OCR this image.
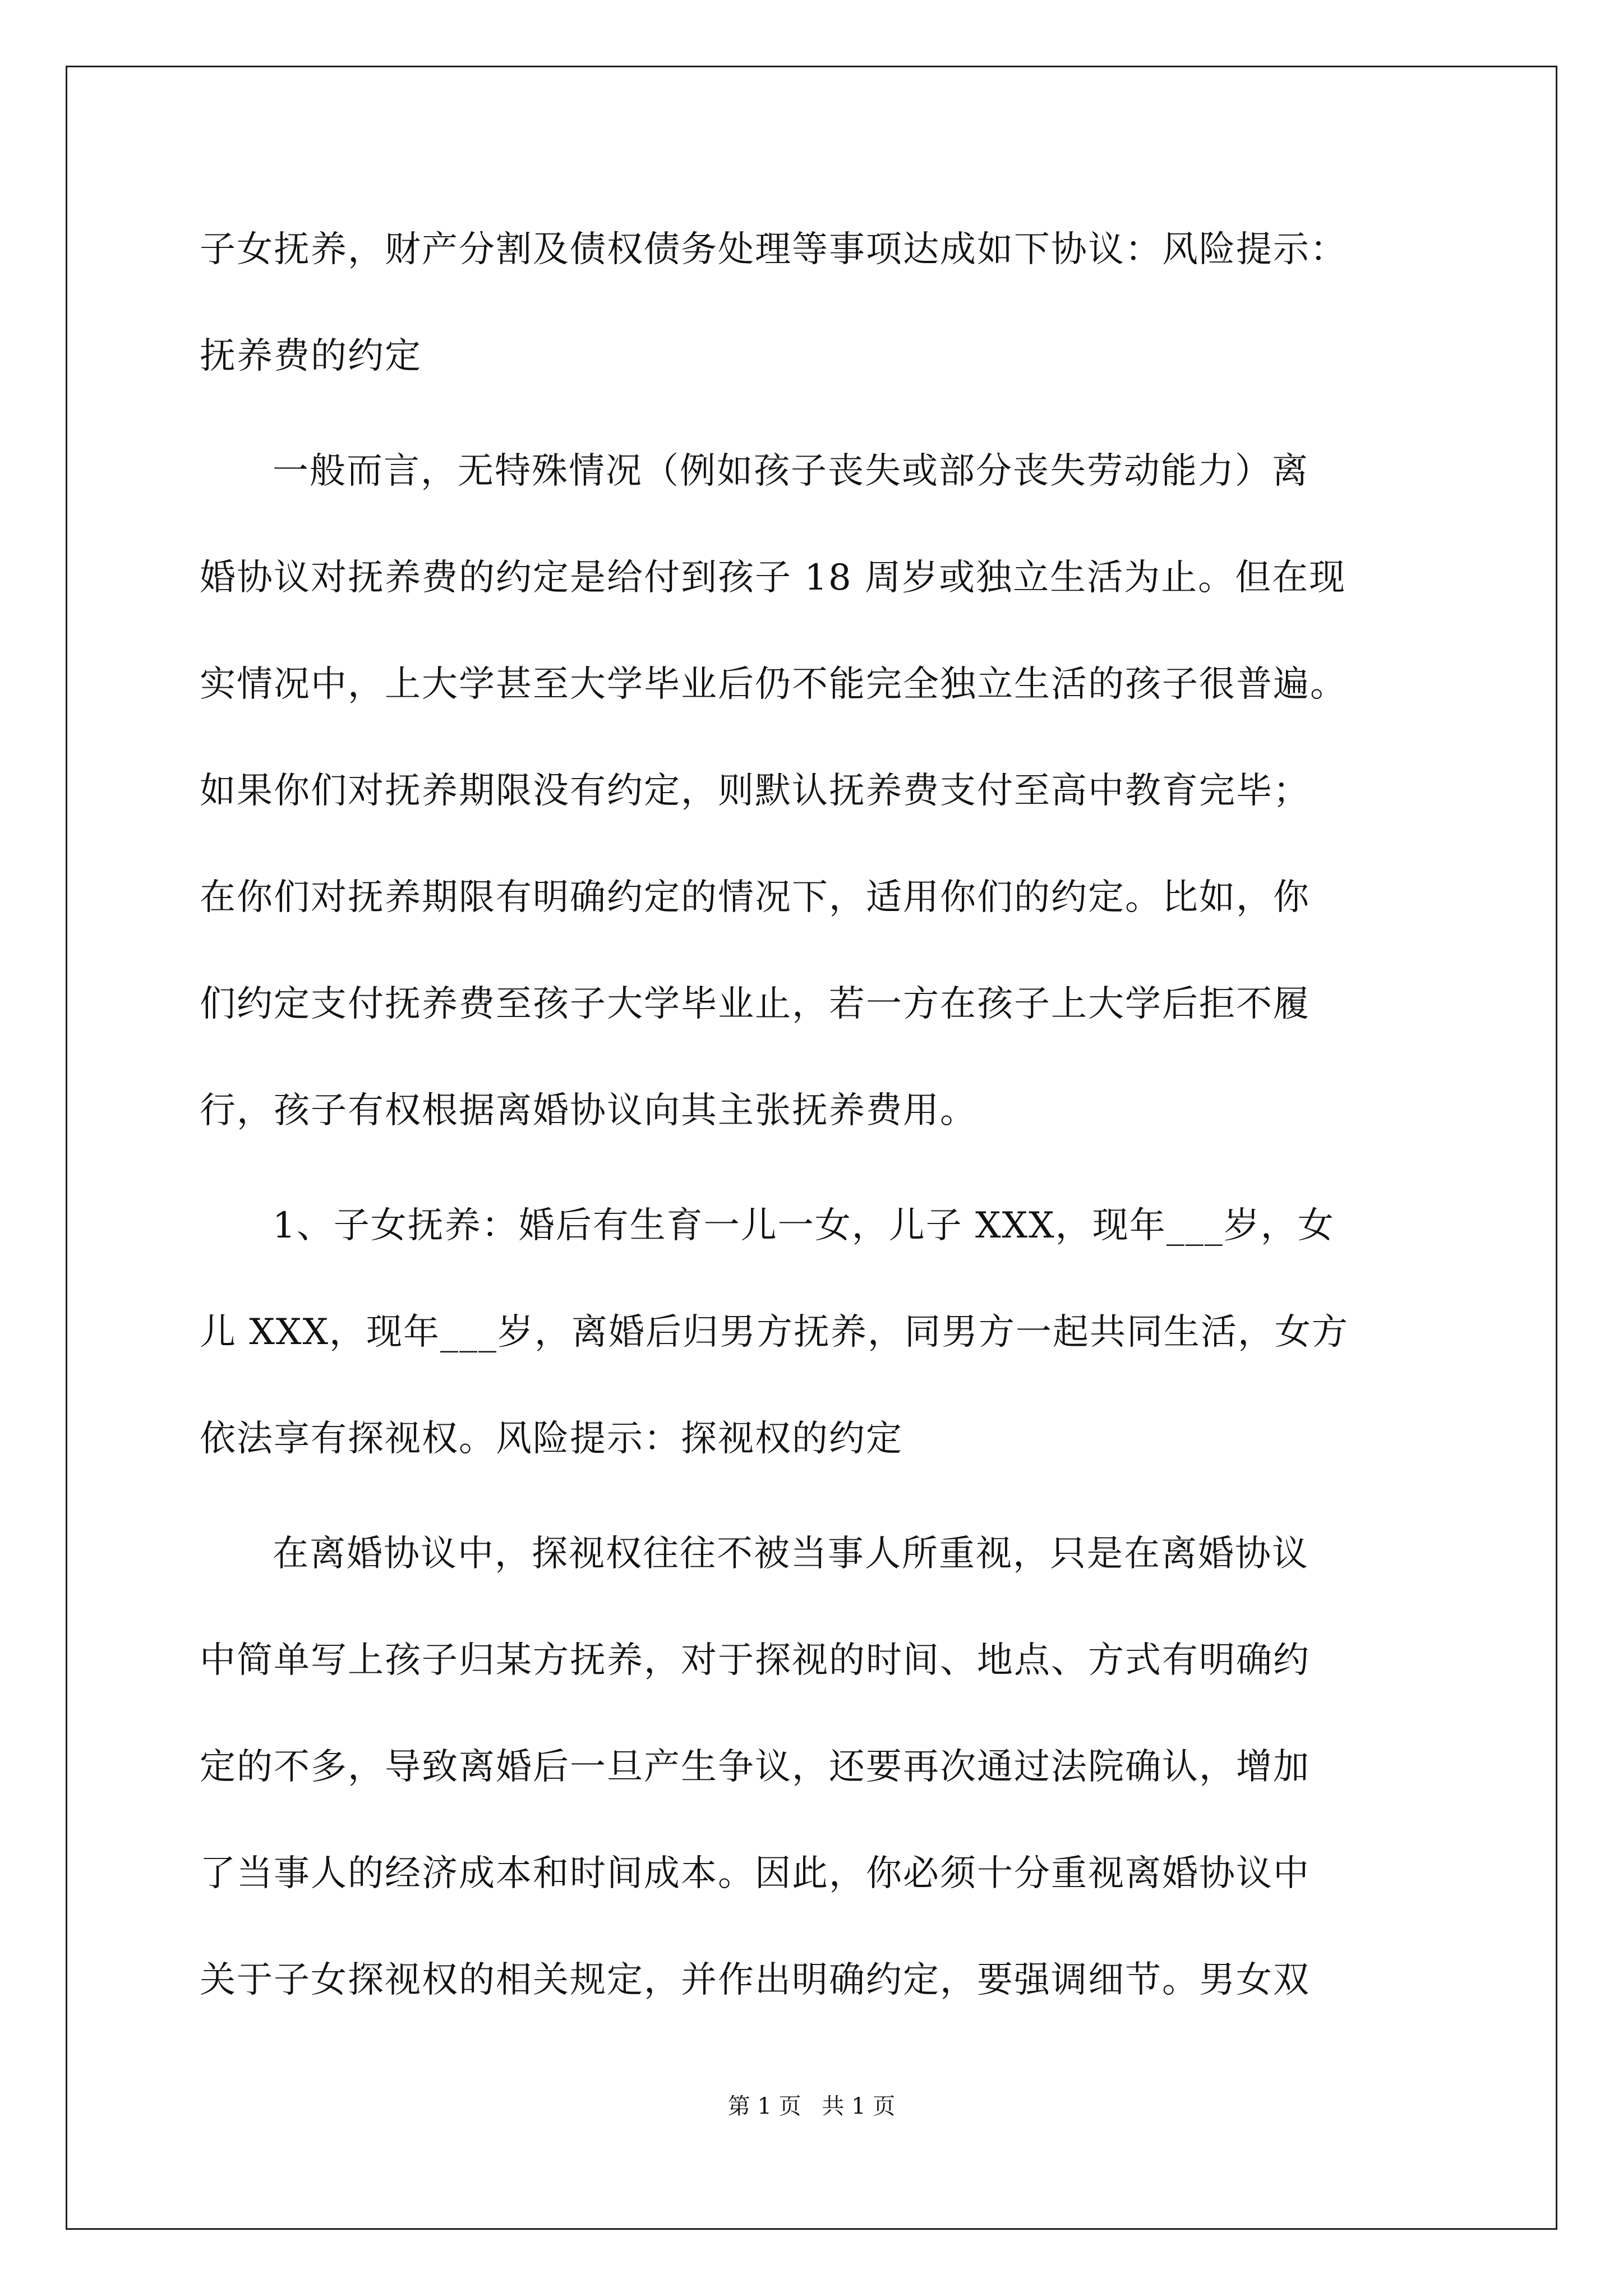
子女抚养，财产分割及债权债务处理等事项达成如下协议：风险提示：
抚养费的约定
一般而言，无特殊情况（例如孩子丧失或部分丧失劳动能力）离
婚协议对抚养费的约定是给付到孩子 18 周岁或独立生活为止。但在现
实情况中，上大学甚至大学毕业后仍不能完全独立生活的孩子很普遍。
如果你们对抚养期限没有约定，则默认抚养费支付至高中教育完毕；
在你们对抚养期限有明确约定的情况下，适用你们的约定。比如，你
们约定支付抚养费至孩子大学毕业止，若一方在孩子上大学后拒不履
行，孩子有权根据离婚协议向其主张抚养费用。
1、子女抚养：婚后有生育一儿一女，儿子 XXX，现年___岁，女
儿 XXX，现年___岁，离婚后归男方抚养，同男方一起共同生活，女方
依法享有探视权。风险提示：探视权的约定
在离婚协议中，探视权往往不被当事人所重视，只是在离婚协议
中简单写上孩子归某方抚养，对于探视的时间、地点、方式有明确约
定的不多，导致离婚后一旦产生争议，还要再次通过法院确认，增加
了当事人的经济成本和时间成本。因此，你必须十分重视离婚协议中
关于子女探视权的相关规定，并作出明确约定，要强调细节。男女双
第 1 页 共 1 页
